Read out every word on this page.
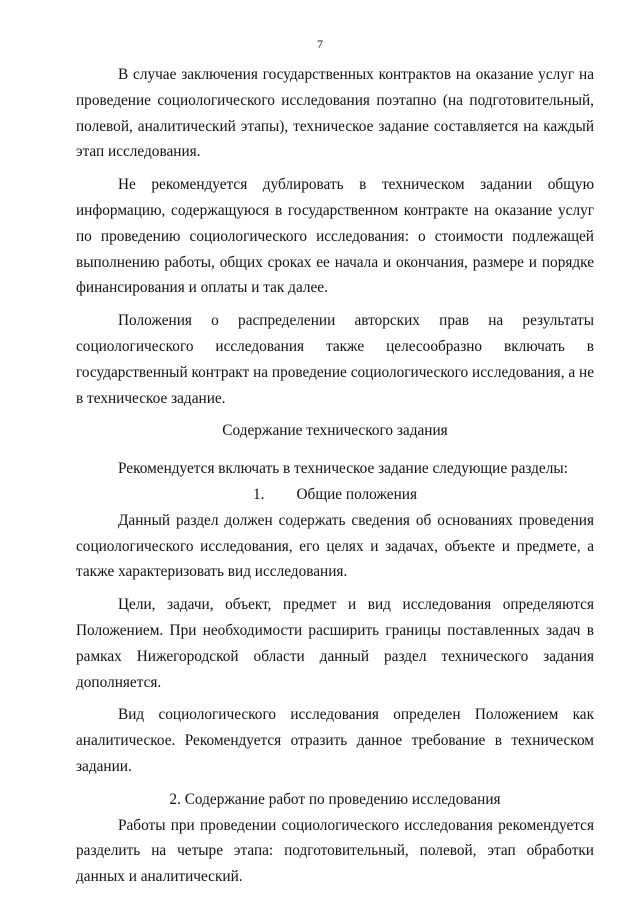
7

В случае заключения государственных контрактов на оказание услуг на проведение социологического исследования поэтапно (на подготовительный, полевой, аналитический этапы), техническое задание составляется на каждый этап исследования.

Не рекомендуется дублировать в техническом задании общую информацию, содержащуюся в государственном контракте на оказание услуг по проведению социологического исследования: о стоимости подлежащей выполнению работы, общих сроках ее начала и окончания, размере и порядке финансирования и оплаты и так далее.

Положения о распределении авторских прав на результаты социологического исследования также целесообразно включать в государственный контракт на проведение социологического исследования, а не в техническое задание.

Содержание технического задания

Рекомендуется включать в техническое задание следующие разделы:

1. Общие положения

Данный раздел должен содержать сведения об основаниях проведения социологического исследования, его целях и задачах, объекте и предмете, а также характеризовать вид исследования.

Цели, задачи, объект, предмет и вид исследования определяются Положением. При необходимости расширить границы поставленных задач в рамках Нижегородской области данный раздел технического задания дополняется.

Вид социологического исследования определен Положением как аналитическое. Рекомендуется отразить данное требование в техническом задании.

2. Содержание работ по проведению исследования

Работы при проведении социологического исследования рекомендуется разделить на четыре этапа: подготовительный, полевой, этап обработки данных и аналитический.
